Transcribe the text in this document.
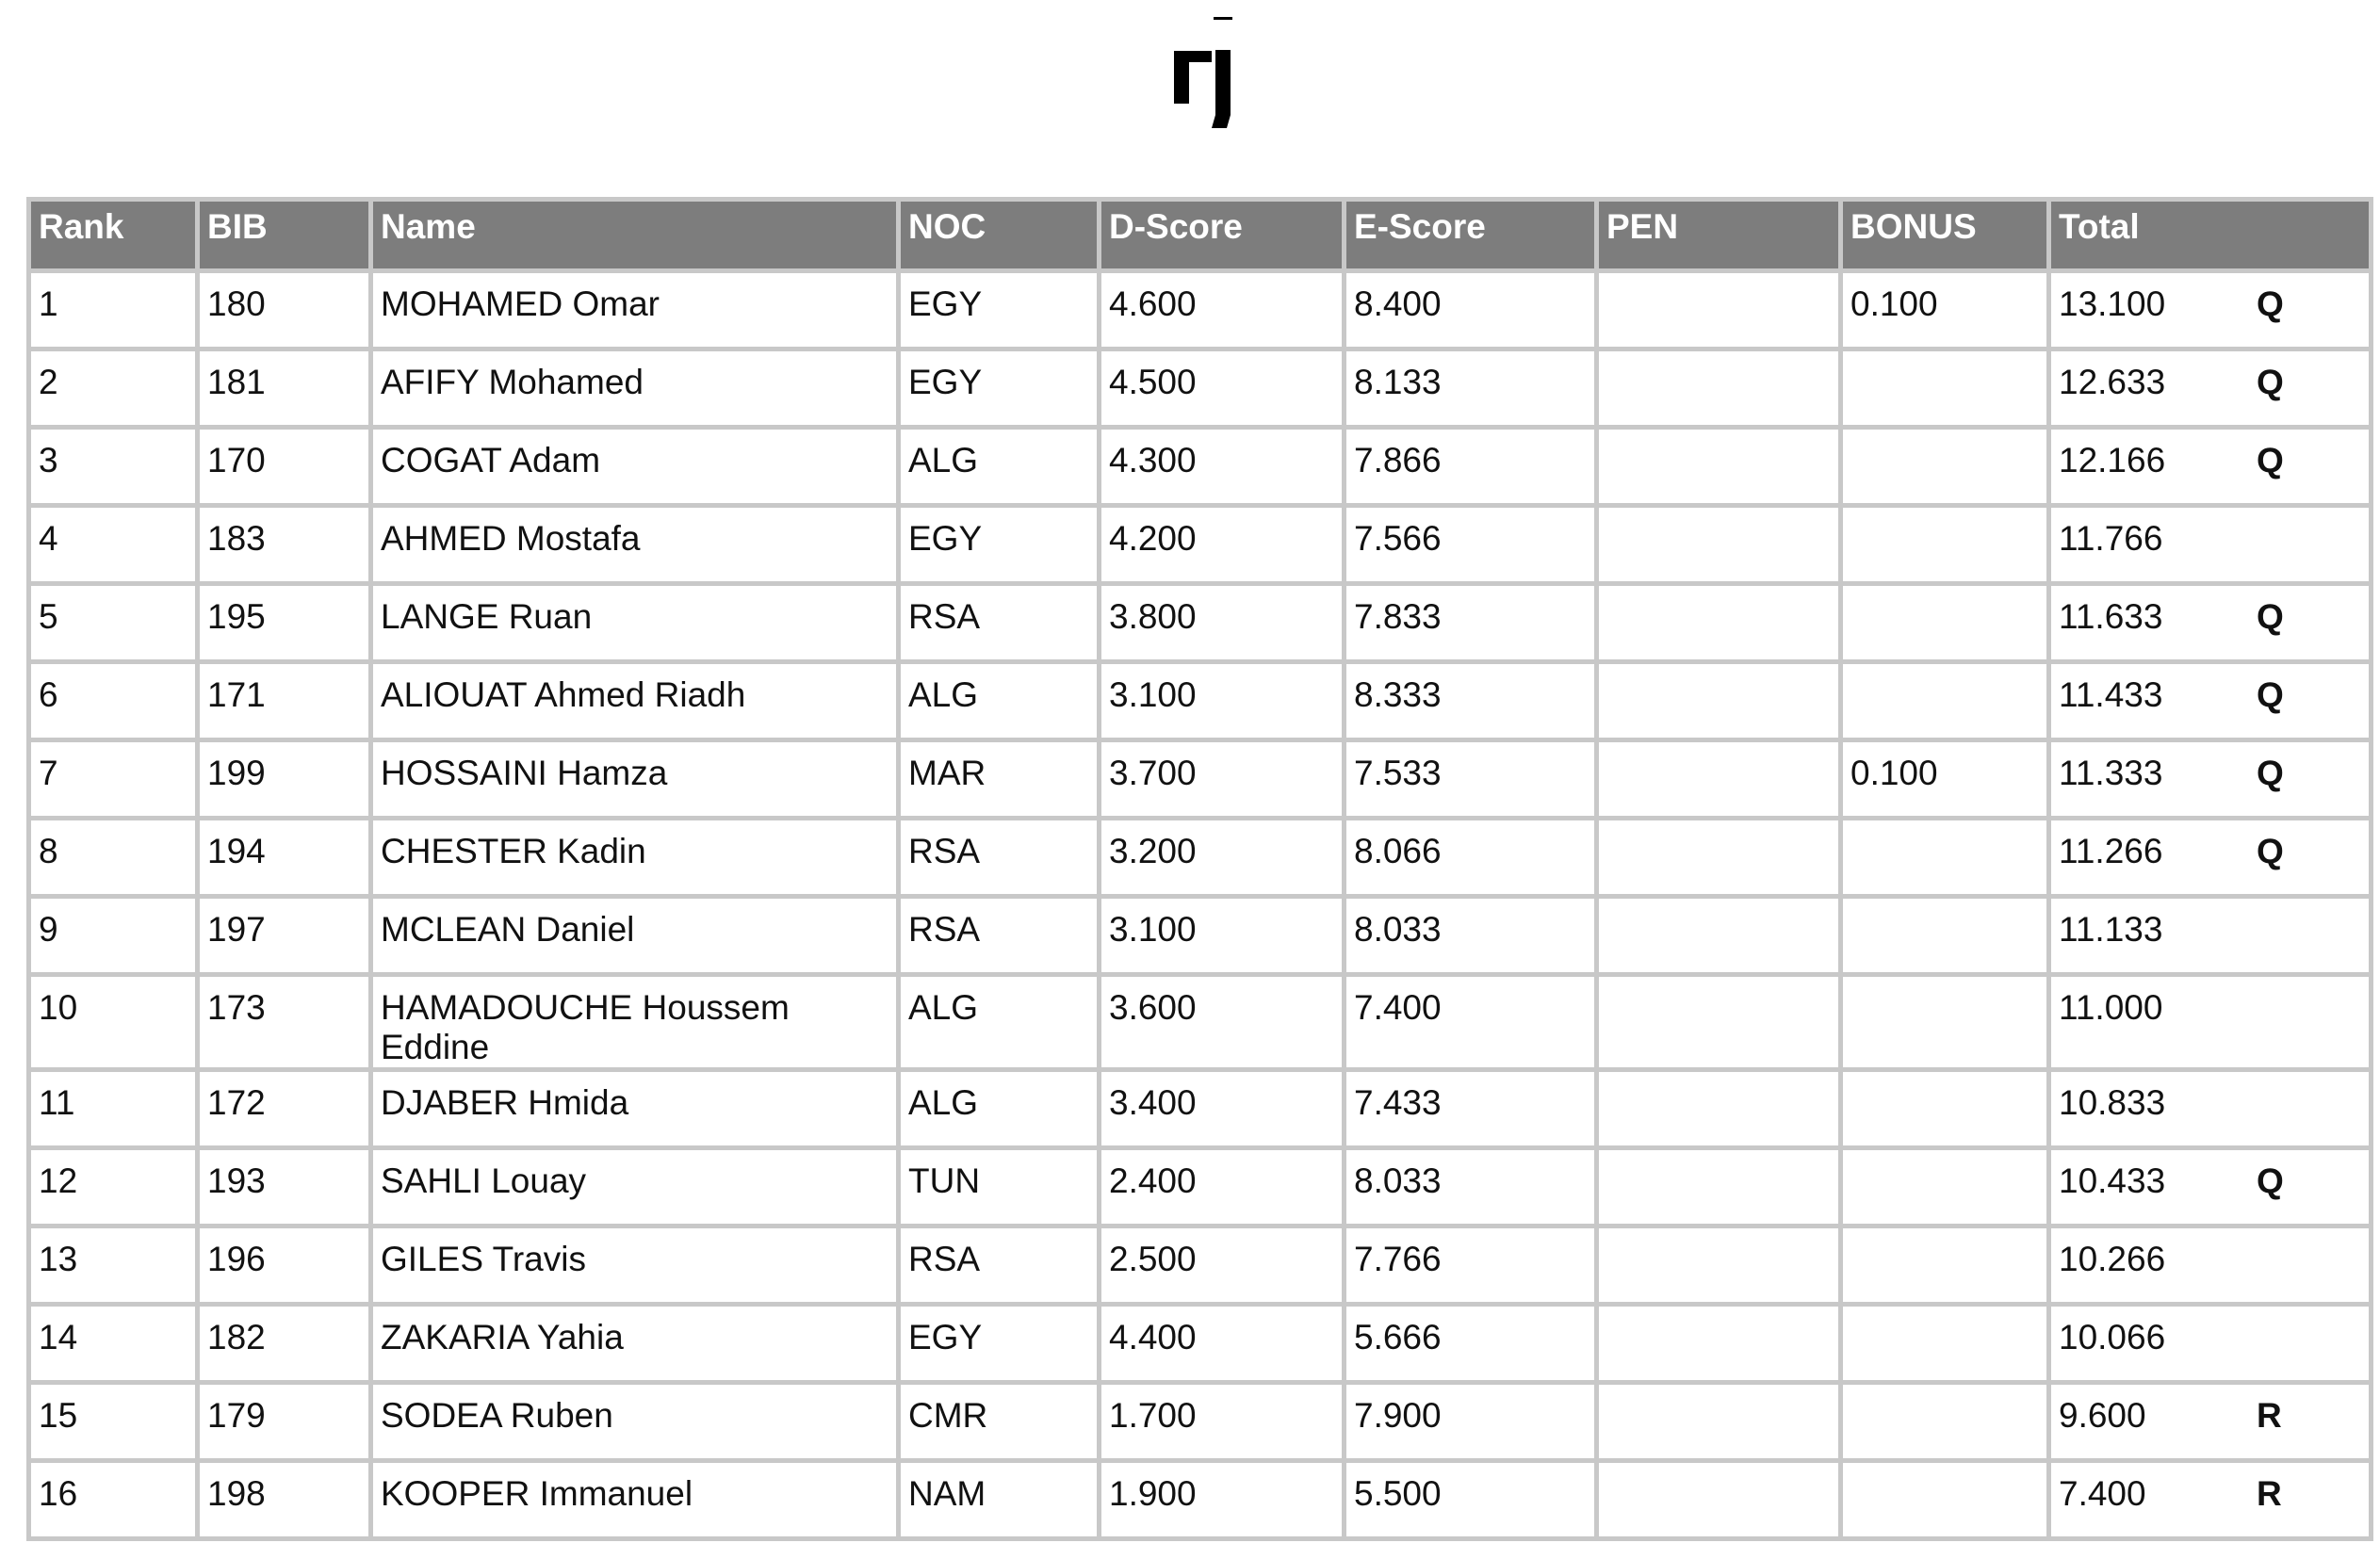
Rank	BIB	Name	NOC	D-Score	E-Score	PEN	BONUS	Total
1	180	MOHAMED Omar	EGY	4.600	8.400		0.100	13.100 Q
2	181	AFIFY Mohamed	EGY	4.500	8.133			12.633 Q
3	170	COGAT Adam	ALG	4.300	7.866			12.166 Q
4	183	AHMED Mostafa	EGY	4.200	7.566			11.766
5	195	LANGE Ruan	RSA	3.800	7.833			11.633 Q
6	171	ALIOUAT Ahmed Riadh	ALG	3.100	8.333			11.433 Q
7	199	HOSSAINI Hamza	MAR	3.700	7.533		0.100	11.333 Q
8	194	CHESTER Kadin	RSA	3.200	8.066			11.266 Q
9	197	MCLEAN Daniel	RSA	3.100	8.033			11.133
10	173	HAMADOUCHE Houssem Eddine	ALG	3.600	7.400			11.000
11	172	DJABER Hmida	ALG	3.400	7.433			10.833
12	193	SAHLI Louay	TUN	2.400	8.033			10.433 Q
13	196	GILES Travis	RSA	2.500	7.766			10.266
14	182	ZAKARIA Yahia	EGY	4.400	5.666			10.066
15	179	SODEA Ruben	CMR	1.700	7.900			9.600 R
16	198	KOOPER Immanuel	NAM	1.900	5.500			7.400 R
